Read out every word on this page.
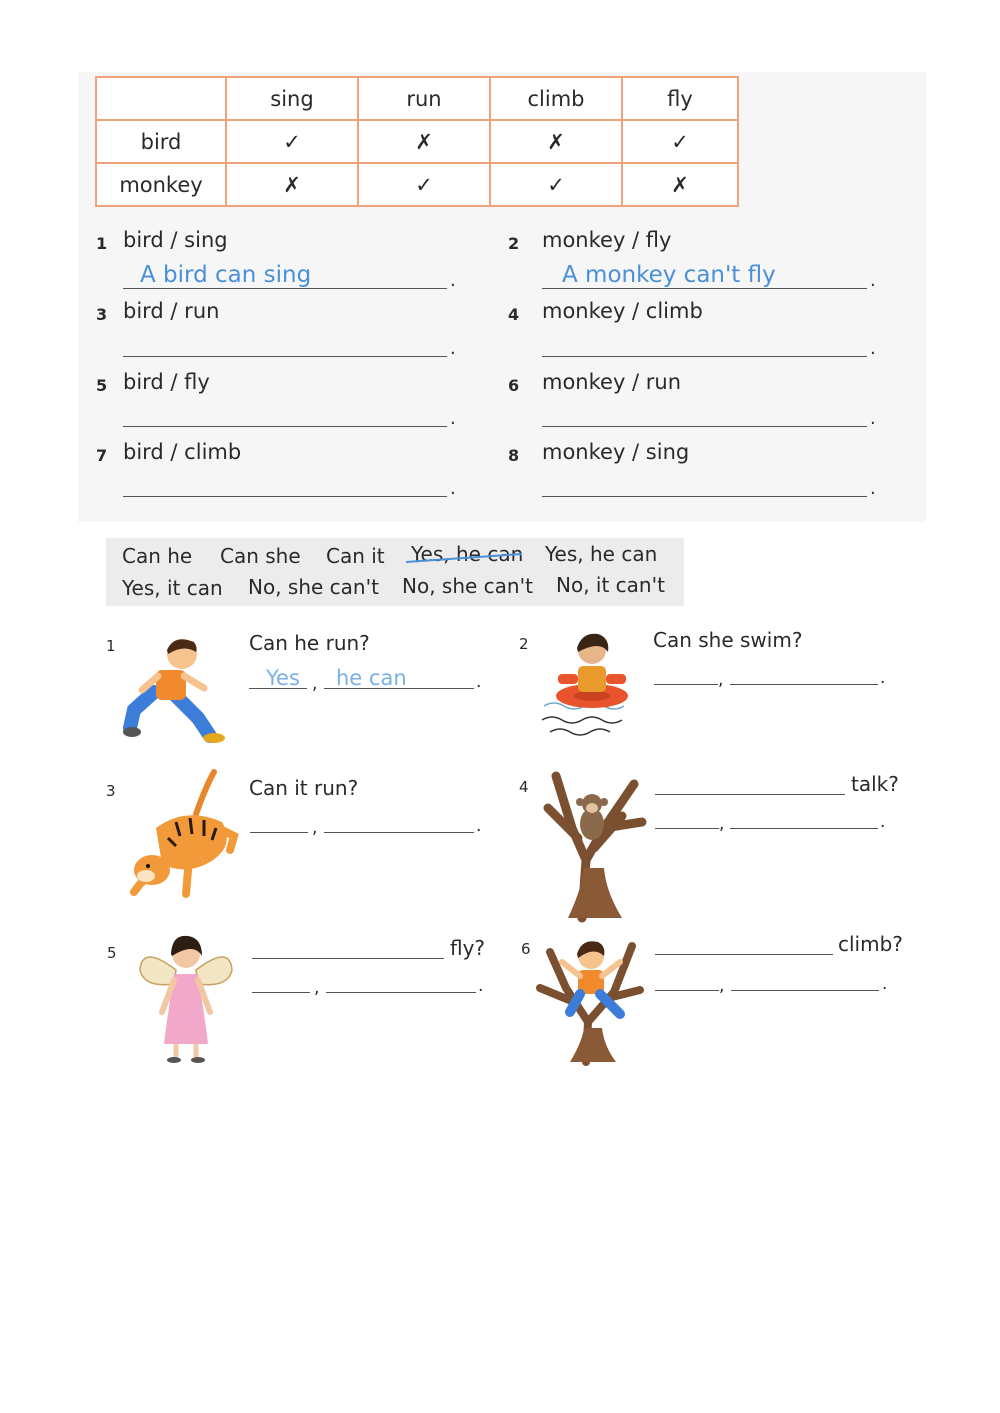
	sing	run	climb	fly
bird	✓	✗	✗	✓
monkey	✗	✓	✓	✗
1 bird / sing
A bird can sing	.
2 monkey / fly
A monkey can't fly	.
3 bird / run
.
4 monkey / climb
.
5 bird / fly
.
6 monkey / run
.
7 bird / climb
.
8 monkey / sing
.
Can he Can she Can it Yes, he can Yes, he can
Yes, it can No, she can't No, she can't No, it can't
1	Can he run?
Yes , he can	.
2	Can she swim?
,	.
3	Can it run?
,	.
4	talk?
,	.
5	fly?
,	.
6	climb?
,	.
